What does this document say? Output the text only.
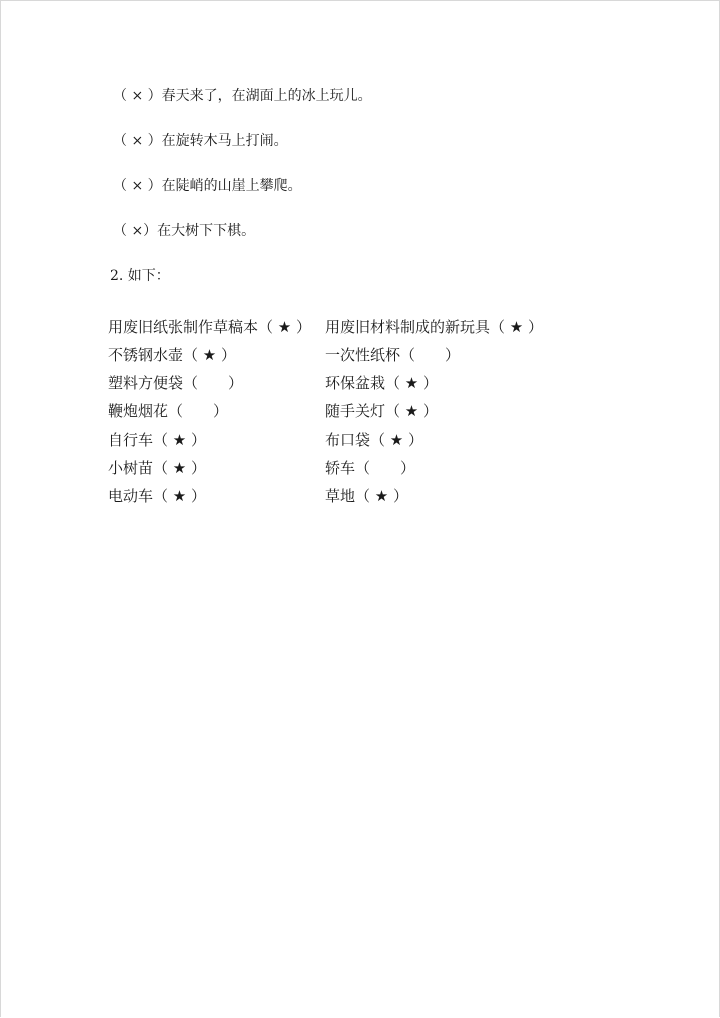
（ × ）春天来了，在湖面上的冰上玩儿。
（ × ）在旋转木马上打闹。
（ × ）在陡峭的山崖上攀爬。
（ ×）在大树下下棋。
2. 如下：
用废旧纸张制作草稿本（ ★ ） 用废旧材料制成的新玩具（ ★ ）
不锈钢水壶（ ★ ）	一次性纸杯（　　）
塑料方便袋（　　）	环保盆栽（ ★ ）
鞭炮烟花（　　）	随手关灯（ ★ ）
自行车（ ★ ）	布口袋（ ★ ）
小树苗（ ★ ）	轿车（　　）
电动车（ ★ ）	草地（ ★ ）
